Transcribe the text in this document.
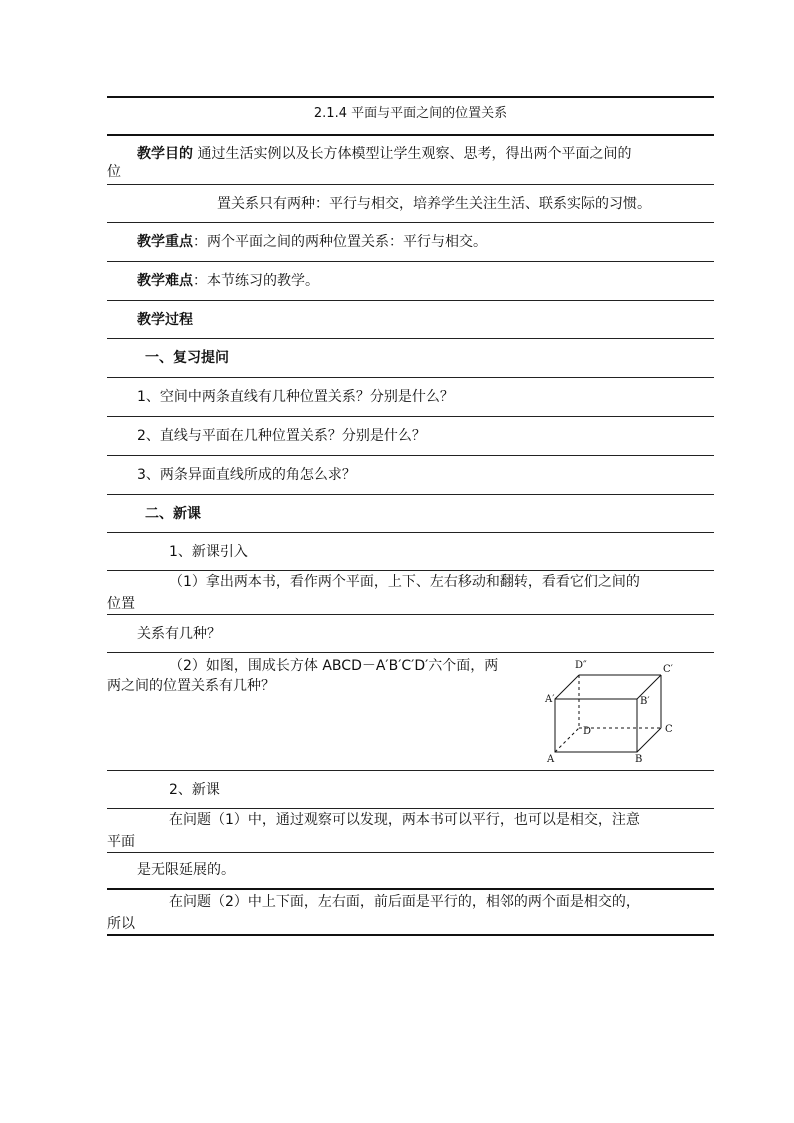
2.1.4 平面与平面之间的位置关系
教学目的 通过生活实例以及长方体模型让学生观察、思考，得出两个平面之间的
位
置关系只有两种：平行与相交，培养学生关注生活、联系实际的习惯。
教学重点：两个平面之间的两种位置关系：平行与相交。
教学难点：本节练习的教学。
教学过程
一、复习提问
1、空间中两条直线有几种位置关系？分别是什么？
2、直线与平面在几种位置关系？分别是什么？
3、两条异面直线所成的角怎么求？
二、新课
1、新课引入
（1）拿出两本书，看作两个平面，上下、左右移动和翻转，看看它们之间的
位置
关系有几种？
（2）如图，围成长方体 ABCD－A′B′C′D′六个面，两
两之间的位置关系有几种？
A′
D″	C′
B′
D	C
A	B
2、新课
在问题（1）中，通过观察可以发现，两本书可以平行，也可以是相交，注意
平面
是无限延展的。
在问题（2）中上下面，左右面，前后面是平行的，相邻的两个面是相交的，
所以
